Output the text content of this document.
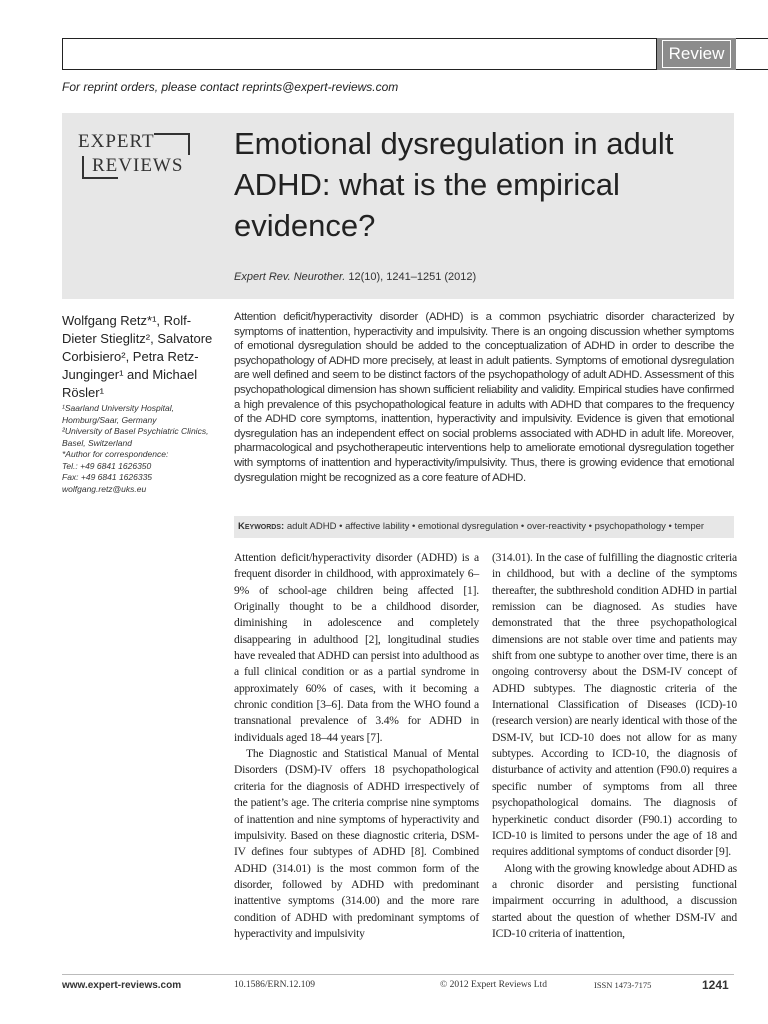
Review
For reprint orders, please contact reprints@expert-reviews.com
EXPERT
REVIEWS
Emotional dysregulation in adult ADHD: what is the empirical evidence?
Expert Rev. Neurother. 12(10), 1241–1251 (2012)
Wolfgang Retz*¹, Rolf-Dieter Stieglitz², Salvatore Corbisiero², Petra Retz-Junginger¹ and Michael Rösler¹
¹Saarland University Hospital, Homburg/Saar, Germany
²University of Basel Psychiatric Clinics, Basel, Switzerland
*Author for correspondence:
Tel.: +49 6841 1626350
Fax: +49 6841 1626335
wolfgang.retz@uks.eu
Attention deficit/hyperactivity disorder (ADHD) is a common psychiatric disorder characterized by symptoms of inattention, hyperactivity and impulsivity. There is an ongoing discussion whether symptoms of emotional dysregulation should be added to the conceptualization of ADHD in order to describe the psychopathology of ADHD more precisely, at least in adult patients. Symptoms of emotional dysregulation are well defined and seem to be distinct factors of the psychopathology of adult ADHD. Assessment of this psychopathological dimension has shown sufficient reliability and validity. Empirical studies have confirmed a high prevalence of this psychopathological feature in adults with ADHD that compares to the frequency of the ADHD core symptoms, inattention, hyperactivity and impulsivity. Evidence is given that emotional dysregulation has an independent effect on social problems associated with ADHD in adult life. Moreover, pharmacological and psychotherapeutic interventions help to ameliorate emotional dysregulation together with symptoms of inattention and hyperactivity/impulsivity. Thus, there is growing evidence that emotional dysregulation might be recognized as a core feature of ADHD.
Keywords: adult ADHD • affective lability • emotional dysregulation • over-reactivity • psychopathology • temper

Attention deficit/hyperactivity disorder (ADHD) is a frequent disorder in childhood, with approximately 6–9% of school-age children being affected [1]. Originally thought to be a childhood disorder, diminishing in adolescence and completely disappearing in adulthood [2], longitudinal studies have revealed that ADHD can persist into adulthood as a full clinical condition or as a partial syndrome in approximately 60% of cases, with it becoming a chronic condition [3–6]. Data from the WHO found a transnational prevalence of 3.4% for ADHD in individuals aged 18–44 years [7].

The Diagnostic and Statistical Manual of Mental Disorders (DSM)-IV offers 18 psychopathological criteria for the diagnosis of ADHD irrespectively of the patient’s age. The criteria comprise nine symptoms of inattention and nine symptoms of hyperactivity and impulsivity. Based on these diagnostic criteria, DSM-IV defines four subtypes of ADHD [8]. Combined ADHD (314.01) is the most common form of the disorder, followed by ADHD with predominant inattentive symptoms (314.00) and the more rare condition of ADHD with predominant symptoms of hyperactivity and impulsivity

(314.01). In the case of fulfilling the diagnostic criteria in childhood, but with a decline of the symptoms thereafter, the subthreshold condition ADHD in partial remission can be diagnosed. As studies have demonstrated that the three psychopathological dimensions are not stable over time and patients may shift from one subtype to another over time, there is an ongoing controversy about the DSM-IV concept of ADHD subtypes. The diagnostic criteria of the International Classification of Diseases (ICD)-10 (research version) are nearly identical with those of the DSM-IV, but ICD-10 does not allow for as many subtypes. According to ICD-10, the diagnosis of disturbance of activity and attention (F90.0) requires a specific number of symptoms from all three psychopathological domains. The diagnosis of hyperkinetic conduct disorder (F90.1) according to ICD-10 is limited to persons under the age of 18 and requires additional symptoms of conduct disorder [9].

Along with the growing knowledge about ADHD as a chronic disorder and persisting functional impairment occurring in adulthood, a discussion started about the question of whether DSM-IV and ICD-10 criteria of inattention,

www.expert-reviews.com	10.1586/ERN.12.109	© 2012 Expert Reviews Ltd	ISSN 1473-7175	1241
